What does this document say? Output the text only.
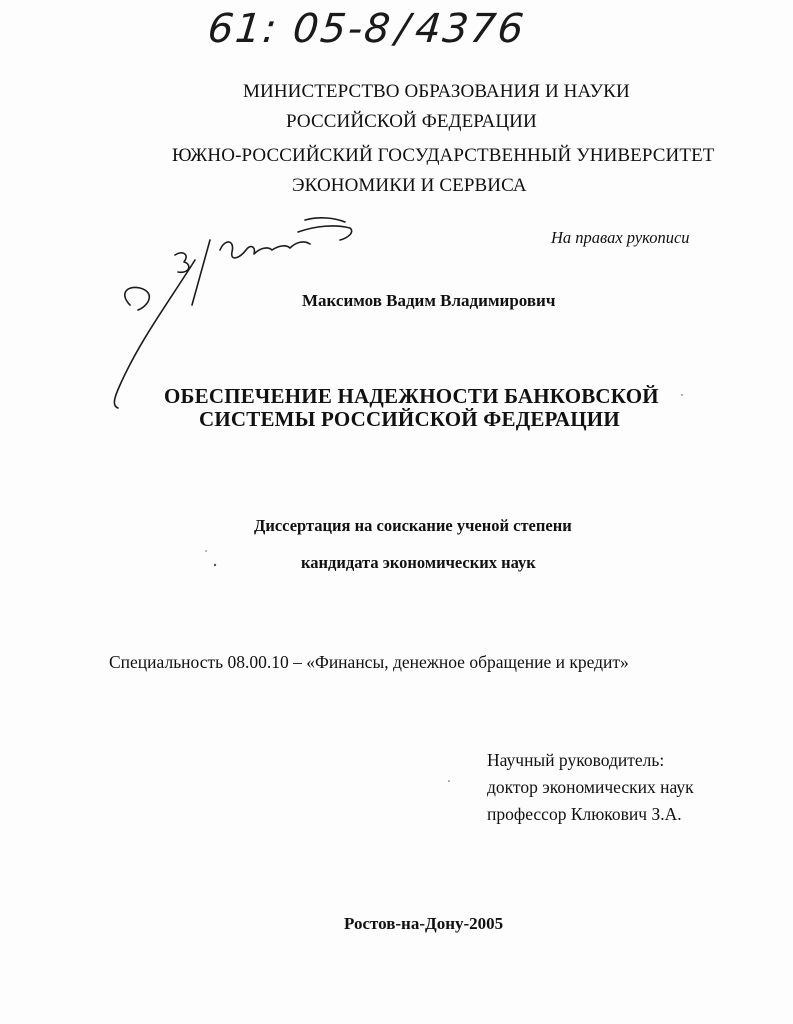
61: 05-8/4376
МИНИСТЕРСТВО ОБРАЗОВАНИЯ И НАУКИ
РОССИЙСКОЙ ФЕДЕРАЦИИ
ЮЖНО-РОССИЙСКИЙ ГОСУДАРСТВЕННЫЙ УНИВЕРСИТЕТ
ЭКОНОМИКИ И СЕРВИСА
На правах рукописи
Максимов Вадим Владимирович
ОБЕСПЕЧЕНИЕ НАДЕЖНОСТИ БАНКОВСКОЙ
СИСТЕМЫ РОССИЙСКОЙ ФЕДЕРАЦИИ
Диссертация на соискание ученой степени
кандидата экономических наук
Специальность 08.00.10 – «Финансы, денежное обращение и кредит»
Научный руководитель:
доктор экономических наук
профессор Клюкович З.А.
Ростов-на-Дону-2005
